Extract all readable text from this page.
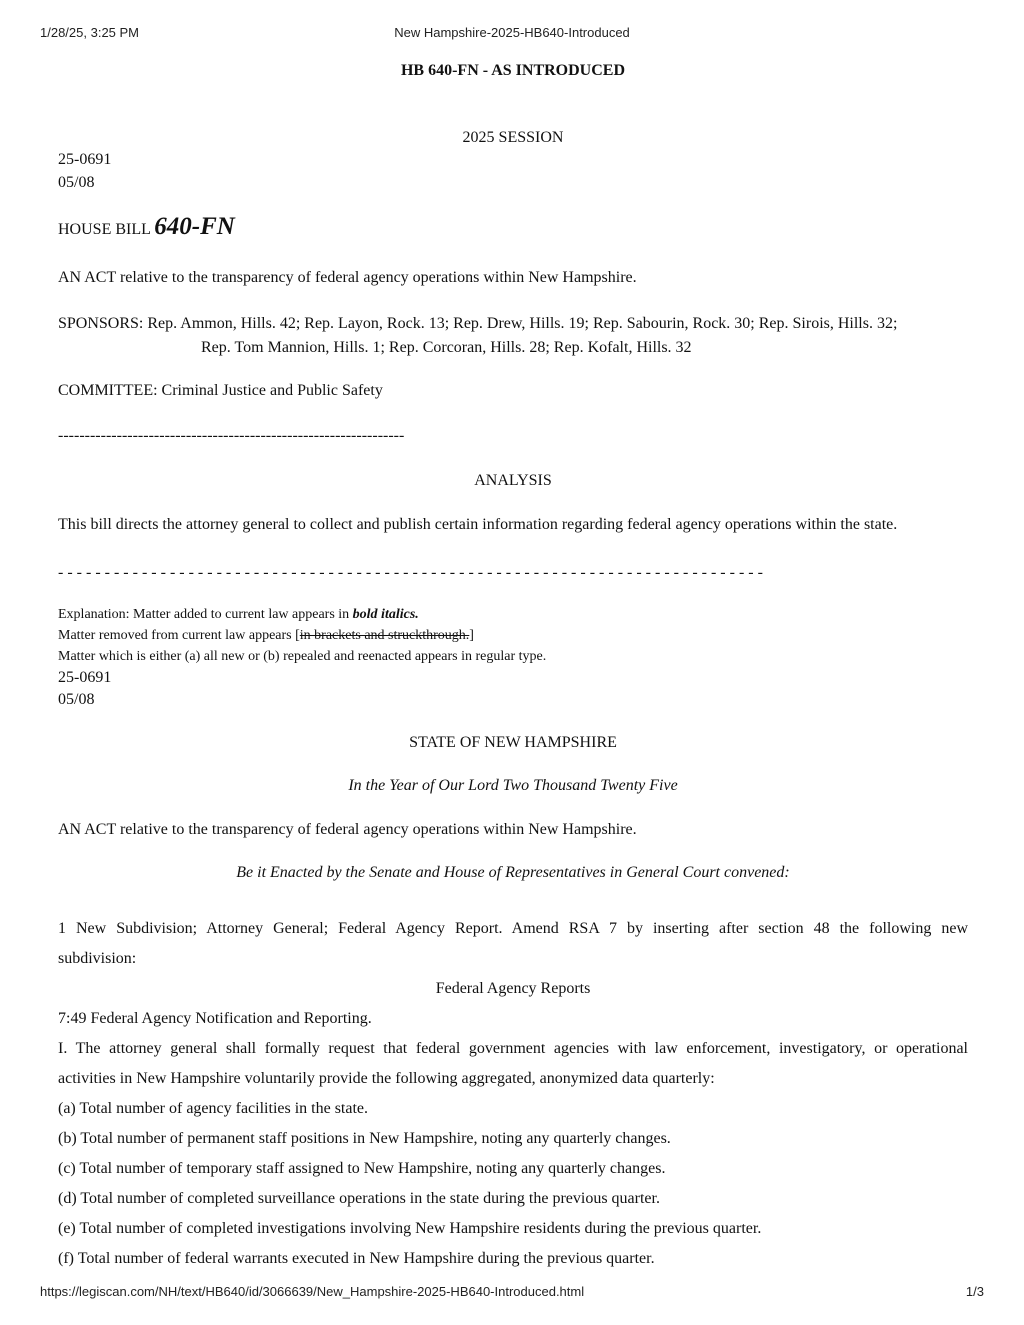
1/28/25, 3:25 PM	New Hampshire-2025-HB640-Introduced
HB 640-FN - AS INTRODUCED
2025 SESSION
25-0691
05/08
HOUSE BILL 640-FN
AN ACT relative to the transparency of federal agency operations within New Hampshire.
SPONSORS: Rep. Ammon, Hills. 42; Rep. Layon, Rock. 13; Rep. Drew, Hills. 19; Rep. Sabourin, Rock. 30; Rep. Sirois, Hills. 32;
Rep. Tom Mannion, Hills. 1; Rep. Corcoran, Hills. 28; Rep. Kofalt, Hills. 32
COMMITTEE: Criminal Justice and Public Safety
-----------------------------------------------------------------
ANALYSIS
This bill directs the attorney general to collect and publish certain information regarding federal agency operations within the state.
- - - - - - - - - - - - - - - - - - - - - - - - - - - - - - - - - - - - - - - - - - - - - - - - - - - - - - - - - - - - - - - - - - - - - - - - - - - -
Explanation: Matter added to current law appears in bold italics.
Matter removed from current law appears [in brackets and struckthrough.]
Matter which is either (a) all new or (b) repealed and reenacted appears in regular type.
25-0691
05/08
STATE OF NEW HAMPSHIRE
In the Year of Our Lord Two Thousand Twenty Five
AN ACT relative to the transparency of federal agency operations within New Hampshire.
Be it Enacted by the Senate and House of Representatives in General Court convened:
1 New Subdivision; Attorney General; Federal Agency Report. Amend RSA 7 by inserting after section 48 the following new
subdivision:
Federal Agency Reports
7:49 Federal Agency Notification and Reporting.
I. The attorney general shall formally request that federal government agencies with law enforcement, investigatory, or operational
activities in New Hampshire voluntarily provide the following aggregated, anonymized data quarterly:
(a) Total number of agency facilities in the state.
(b) Total number of permanent staff positions in New Hampshire, noting any quarterly changes.
(c) Total number of temporary staff assigned to New Hampshire, noting any quarterly changes.
(d) Total number of completed surveillance operations in the state during the previous quarter.
(e) Total number of completed investigations involving New Hampshire residents during the previous quarter.
(f) Total number of federal warrants executed in New Hampshire during the previous quarter.
https://legiscan.com/NH/text/HB640/id/3066639/New_Hampshire-2025-HB640-Introduced.html	1/3
